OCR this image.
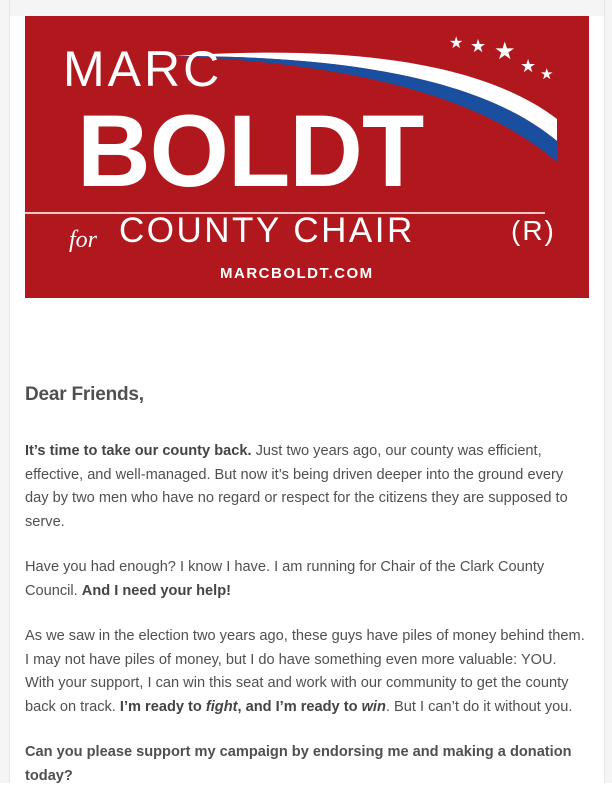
★ ★ ★
★ ★
MARC
BOLDT
for COUNTY CHAIR	(R)
MARCBOLDT.COM
Dear Friends,

It’s time to take our county back. Just two years ago, our county was efficient, effective, and well-managed. But now it’s being driven deeper into the ground every day by two men who have no regard or respect for the citizens they are supposed to serve.

Have you had enough? I know I have. I am running for Chair of the Clark County Council. And I need your help!

As we saw in the election two years ago, these guys have piles of money behind them. I may not have piles of money, but I do have something even more valuable: YOU. With your support, I can win this seat and work with our community to get the county back on track. I’m ready to fight, and I’m ready to win. But I can’t do it without you.

Can you please support my campaign by endorsing me and making a donation today?
